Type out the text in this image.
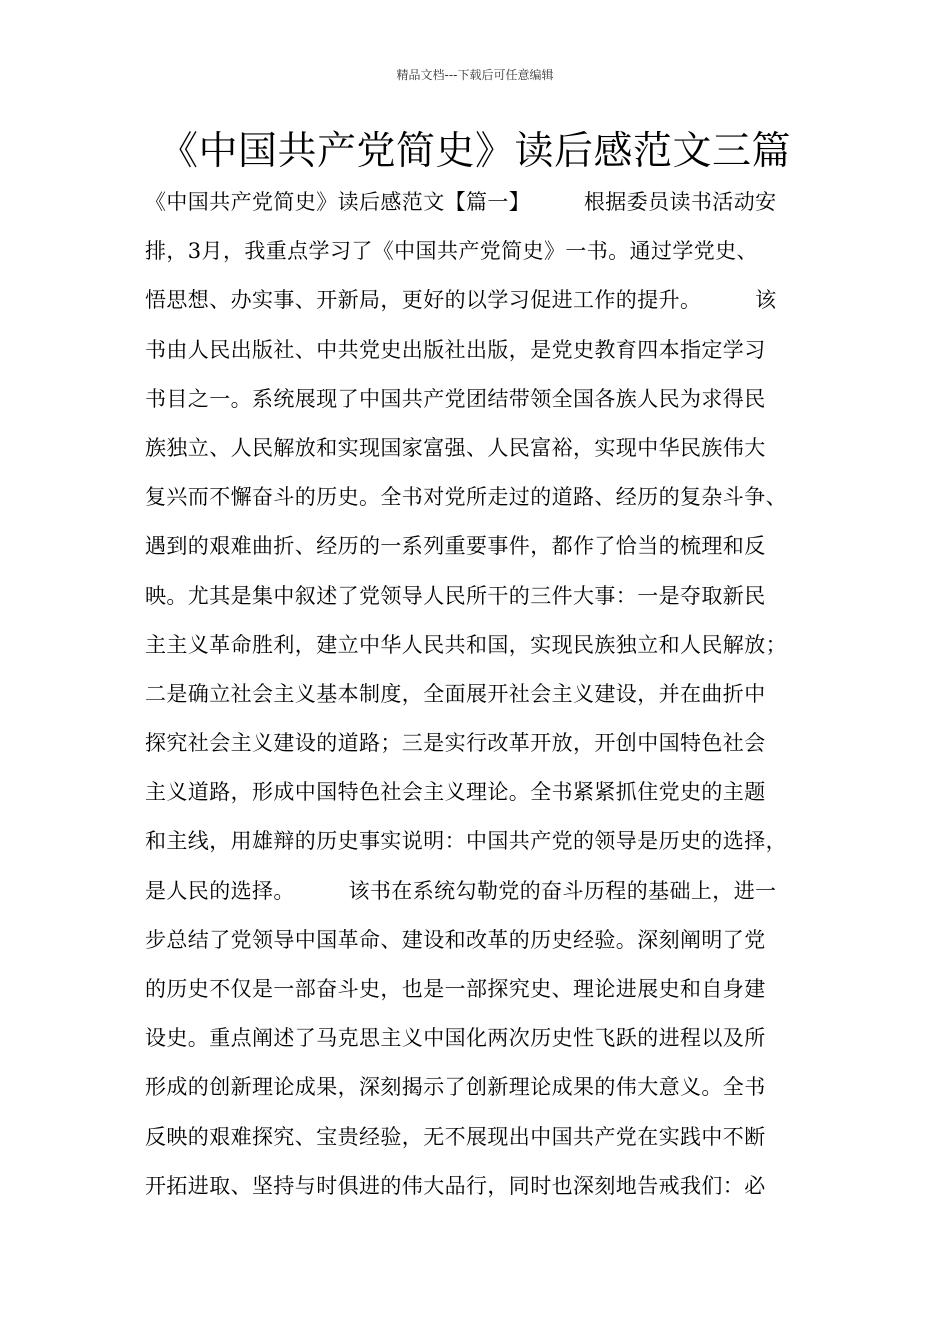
精品文档---下载后可任意编辑
《中国共产党简史》读后感范文三篇
《中国共产党简史》读后感范文【篇一】　　　根据委员读书活动安
排，3月，我重点学习了《中国共产党简史》一书。通过学党史、
悟思想、办实事、开新局，更好的以学习促进工作的提升。　　　该
书由人民出版社、中共党史出版社出版，是党史教育四本指定学习
书目之一。系统展现了中国共产党团结带领全国各族人民为求得民
族独立、人民解放和实现国家富强、人民富裕，实现中华民族伟大
复兴而不懈奋斗的历史。全书对党所走过的道路、经历的复杂斗争、
遇到的艰难曲折、经历的一系列重要事件，都作了恰当的梳理和反
映。尤其是集中叙述了党领导人民所干的三件大事：一是夺取新民
主主义革命胜利，建立中华人民共和国，实现民族独立和人民解放；
二是确立社会主义基本制度，全面展开社会主义建设，并在曲折中
探究社会主义建设的道路；三是实行改革开放，开创中国特色社会
主义道路，形成中国特色社会主义理论。全书紧紧抓住党史的主题
和主线，用雄辩的历史事实说明：中国共产党的领导是历史的选择，
是人民的选择。　　　该书在系统勾勒党的奋斗历程的基础上，进一
步总结了党领导中国革命、建设和改革的历史经验。深刻阐明了党
的历史不仅是一部奋斗史，也是一部探究史、理论进展史和自身建
设史。重点阐述了马克思主义中国化两次历史性飞跃的进程以及所
形成的创新理论成果，深刻揭示了创新理论成果的伟大意义。全书
反映的艰难探究、宝贵经验，无不展现出中国共产党在实践中不断
开拓进取、坚持与时俱进的伟大品行，同时也深刻地告戒我们：必
